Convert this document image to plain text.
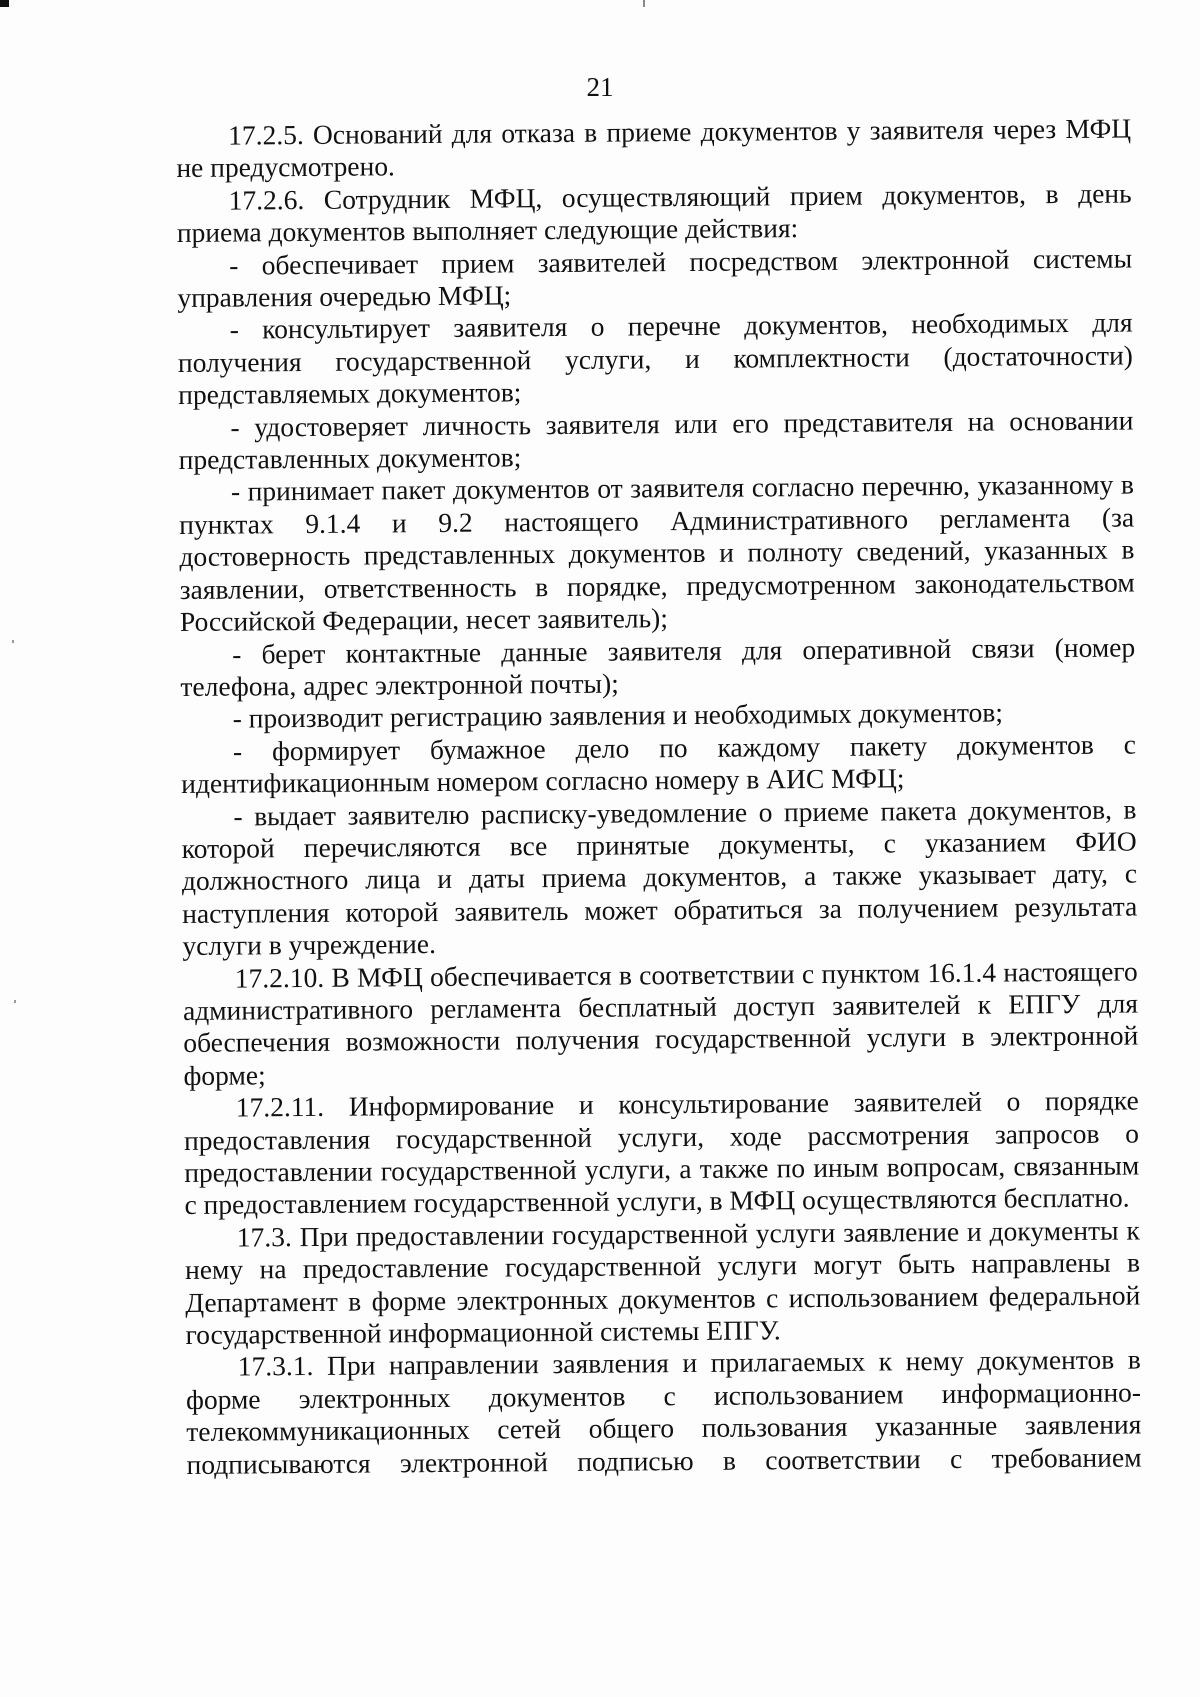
21

17.2.5. Оснований для отказа в приеме документов у заявителя через МФЦ не предусмотрено.

17.2.6. Сотрудник МФЦ, осуществляющий прием документов, в день приема документов выполняет следующие действия:

- обеспечивает прием заявителей посредством электронной системы управления очередью МФЦ;

- консультирует заявителя о перечне документов, необходимых для получения государственной услуги, и комплектности (достаточности) представляемых документов;

- удостоверяет личность заявителя или его представителя на основании представленных документов;

- принимает пакет документов от заявителя согласно перечню, указанному в пунктах 9.1.4 и 9.2 настоящего Административного регламента (за достоверность представленных документов и полноту сведений, указанных в заявлении, ответственность в порядке, предусмотренном законодательством Российской Федерации, несет заявитель);

- берет контактные данные заявителя для оперативной связи (номер телефона, адрес электронной почты);

- производит регистрацию заявления и необходимых документов;

- формирует бумажное дело по каждому пакету документов с идентификационным номером согласно номеру в АИС МФЦ;

- выдает заявителю расписку-уведомление о приеме пакета документов, в которой перечисляются все принятые документы, с указанием ФИО должностного лица и даты приема документов, а также указывает дату, с наступления которой заявитель может обратиться за получением результата услуги в учреждение.

17.2.10. В МФЦ обеспечивается в соответствии с пунктом 16.1.4 настоящего административного регламента бесплатный доступ заявителей к ЕПГУ для обеспечения возможности получения государственной услуги в электронной форме;

17.2.11. Информирование и консультирование заявителей о порядке предоставления государственной услуги, ходе рассмотрения запросов о предоставлении государственной услуги, а также по иным вопросам, связанным с предоставлением государственной услуги, в МФЦ осуществляются бесплатно.

17.3. При предоставлении государственной услуги заявление и документы к нему на предоставление государственной услуги могут быть направлены в Департамент в форме электронных документов с использованием федеральной государственной информационной системы ЕПГУ.

17.3.1. При направлении заявления и прилагаемых к нему документов в форме электронных документов с использованием информационно-телекоммуникационных сетей общего пользования указанные заявления подписываются электронной подписью в соответствии с требованием
